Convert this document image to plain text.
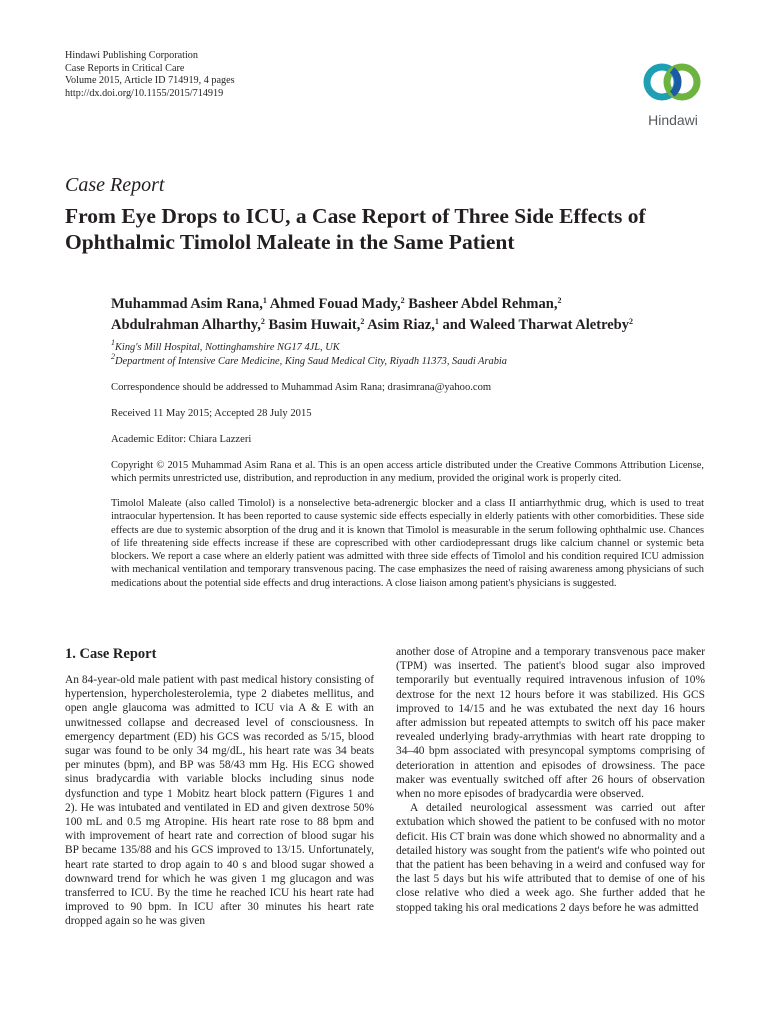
Hindawi Publishing Corporation
Case Reports in Critical Care
Volume 2015, Article ID 714919, 4 pages
http://dx.doi.org/10.1155/2015/714919
Hindawi
Case Report
From Eye Drops to ICU, a Case Report of Three Side Effects of Ophthalmic Timolol Maleate in the Same Patient
Muhammad Asim Rana,$^1$ Ahmed Fouad Mady,$^2$ Basheer Abdel Rehman,$^2$
Abdulrahman Alharthy,$^2$ Basim Huwait,$^2$ Asim Riaz,$^1$ and Waleed Tharwat Aletreby$^2$
$^1$King's Mill Hospital, Nottinghamshire NG17 4JL, UK
$^2$Department of Intensive Care Medicine, King Saud Medical City, Riyadh 11373, Saudi Arabia
Correspondence should be addressed to Muhammad Asim Rana; drasimrana@yahoo.com
Received 11 May 2015; Accepted 28 July 2015
Academic Editor: Chiara Lazzeri
Copyright © 2015 Muhammad Asim Rana et al. This is an open access article distributed under the Creative Commons Attribution License, which permits unrestricted use, distribution, and reproduction in any medium, provided the original work is properly cited.
Timolol Maleate (also called Timolol) is a nonselective beta-adrenergic blocker and a class II antiarrhythmic drug, which is used to treat intraocular hypertension. It has been reported to cause systemic side effects especially in elderly patients with other comorbidities. These side effects are due to systemic absorption of the drug and it is known that Timolol is measurable in the serum following ophthalmic use. Chances of life threatening side effects increase if these are coprescribed with other cardiodepressant drugs like calcium channel or systemic beta blockers. We report a case where an elderly patient was admitted with three side effects of Timolol and his condition required ICU admission with mechanical ventilation and temporary transvenous pacing. The case emphasizes the need of raising awareness among physicians of such medications about the potential side effects and drug interactions. A close liaison among patient's physicians is suggested.
1. Case Report

An 84-year-old male patient with past medical history consisting of hypertension, hypercholesterolemia, type 2 diabetes mellitus, and open angle glaucoma was admitted to ICU via A & E with an unwitnessed collapse and decreased level of consciousness. In emergency department (ED) his GCS was recorded as 5/15, blood sugar was found to be only 34 mg/dL, his heart rate was 34 beats per minutes (bpm), and BP was 58/43 mm Hg. His ECG showed sinus bradycardia with variable blocks including sinus node dysfunction and type 1 Mobitz heart block pattern (Figures 1 and 2). He was intubated and ventilated in ED and given dextrose 50% 100 mL and 0.5 mg Atropine. His heart rate rose to 88 bpm and with improvement of heart rate and correction of blood sugar his BP became 135/88 and his GCS improved to 13/15. Unfortunately, heart rate started to drop again to 40 s and blood sugar showed a downward trend for which he was given 1 mg glucagon and was transferred to ICU. By the time he reached ICU his heart rate had improved to 90 bpm. In ICU after 30 minutes his heart rate dropped again so he was given

another dose of Atropine and a temporary transvenous pace maker (TPM) was inserted. The patient's blood sugar also improved temporarily but eventually required intravenous infusion of 10% dextrose for the next 12 hours before it was stabilized. His GCS improved to 14/15 and he was extubated the next day 16 hours after admission but repeated attempts to switch off his pace maker revealed underlying brady-arrythmias with heart rate dropping to 34–40 bpm associated with presyncopal symptoms comprising of deterioration in attention and episodes of drowsiness. The pace maker was eventually switched off after 26 hours of observation when no more episodes of bradycardia were observed.

A detailed neurological assessment was carried out after extubation which showed the patient to be confused with no motor deficit. His CT brain was done which showed no abnormality and a detailed history was sought from the patient's wife who pointed out that the patient has been behaving in a weird and confused way for the last 5 days but his wife attributed that to demise of one of his close relative who died a week ago. She further added that he stopped taking his oral medications 2 days before he was admitted
